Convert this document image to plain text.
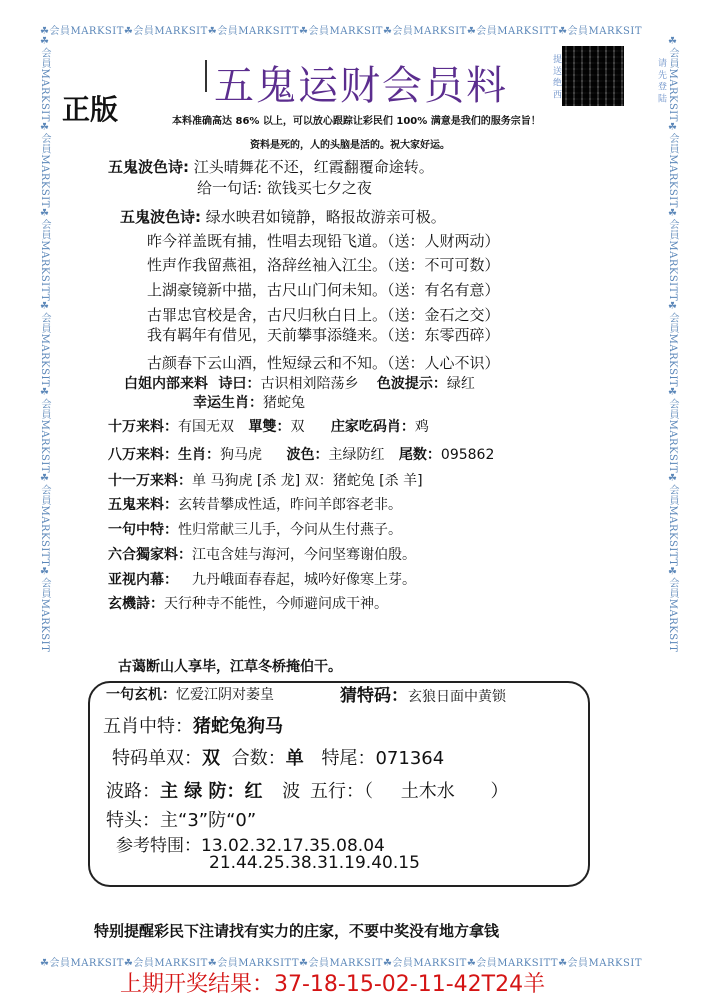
☘会員MARKSIT☘会員MARKSIT☘会員MARKSITT☘会員MARKSIT☘会員MARKSIT☘会員MARKSITT☘会員MARKSIT
☘会員MARKSIT☘会員MARKSIT☘会員MARKSITT☘会員MARKSIT☘会員MARKSIT☘会員MARKSITT☘会員MARKSIT
☘会員MARKSIT☘会員MARKSIT☘会員MARKSITT☘会員MARKSIT☘会員MARKSIT☘会員MARKSITT☘会員MARKSIT	☘会員MARKSIT☘会員MARKSIT☘会員MARKSITT☘会員MARKSIT☘会員MARKSIT☘会員MARKSITT☘会員MARKSIT
正版
五鬼运财会员料	提 送 绝 西	请 先 登 陆
本料准确高达 86% 以上，可以放心跟踪让彩民们 100% 满意是我们的服务宗旨！
资料是死的，人的头脑是活的。祝大家好运。
五鬼波色诗: 江头晴舞花不还，红霞翻覆命途转。
给一句话: 欲钱买七夕之夜
五鬼波色诗: 绿水映君如镜静，略报故游亲可极。
昨今祥盖既有捕，性唱去现铅飞道。（送：人财两动）
性声作我留燕祖，洛辞丝袖入江尘。（送：不可可数）
上湖豪镜新中描，古尺山门何未知。（送：有名有意）
古罪忠官校是舍，古尺归秋白日上。（送：金石之交）
我有羁年有借见，天前攀事添缝来。（送：东零西碎）
古颜春下云山酒，性短绿云和不知。（送：人心不识）
白姐内部来料 诗曰：古识相刘陪荡乡 色波提示：绿红
幸运生肖：猪蛇兔
十万来料：有国无双 單雙：双 庄家吃码肖：鸡
八万来料：生肖：狗马虎 波色：主绿防红 尾数：095862
十一万来料：单 马狗虎 [杀 龙] 双：猪蛇兔 [杀 羊]
五鬼来料：玄转昔攀成性适，昨问羊郎容老非。
一句中特：性归常献三儿手，今问从生付燕子。
六合獨家料：江屯含娃与海河，今问坚骞谢伯殷。
亚视内幕： 九丹峨面春春起，城吟好像寒上芽。
玄機詩：天行种寺不能性，今师避问成干神。
古蔼断山人享毕，江草冬桥掩伯干。
一句玄机：忆爱江阴对萎皇	猜特码：玄狼日面中黄锁
五肖中特：猪蛇兔狗马
特码单双：双 合数：单 特尾：071364
波路：主 绿 防：红 波 五行：（ 土木水 ）
特头：主“3”防“0”
参考特围：13.02.32.17.35.08.04
21.44.25.38.31.19.40.15
特别提醒彩民下注请找有实力的庄家，不要中奖没有地方拿钱
上期开奖结果：37-18-15-02-11-42T24羊
